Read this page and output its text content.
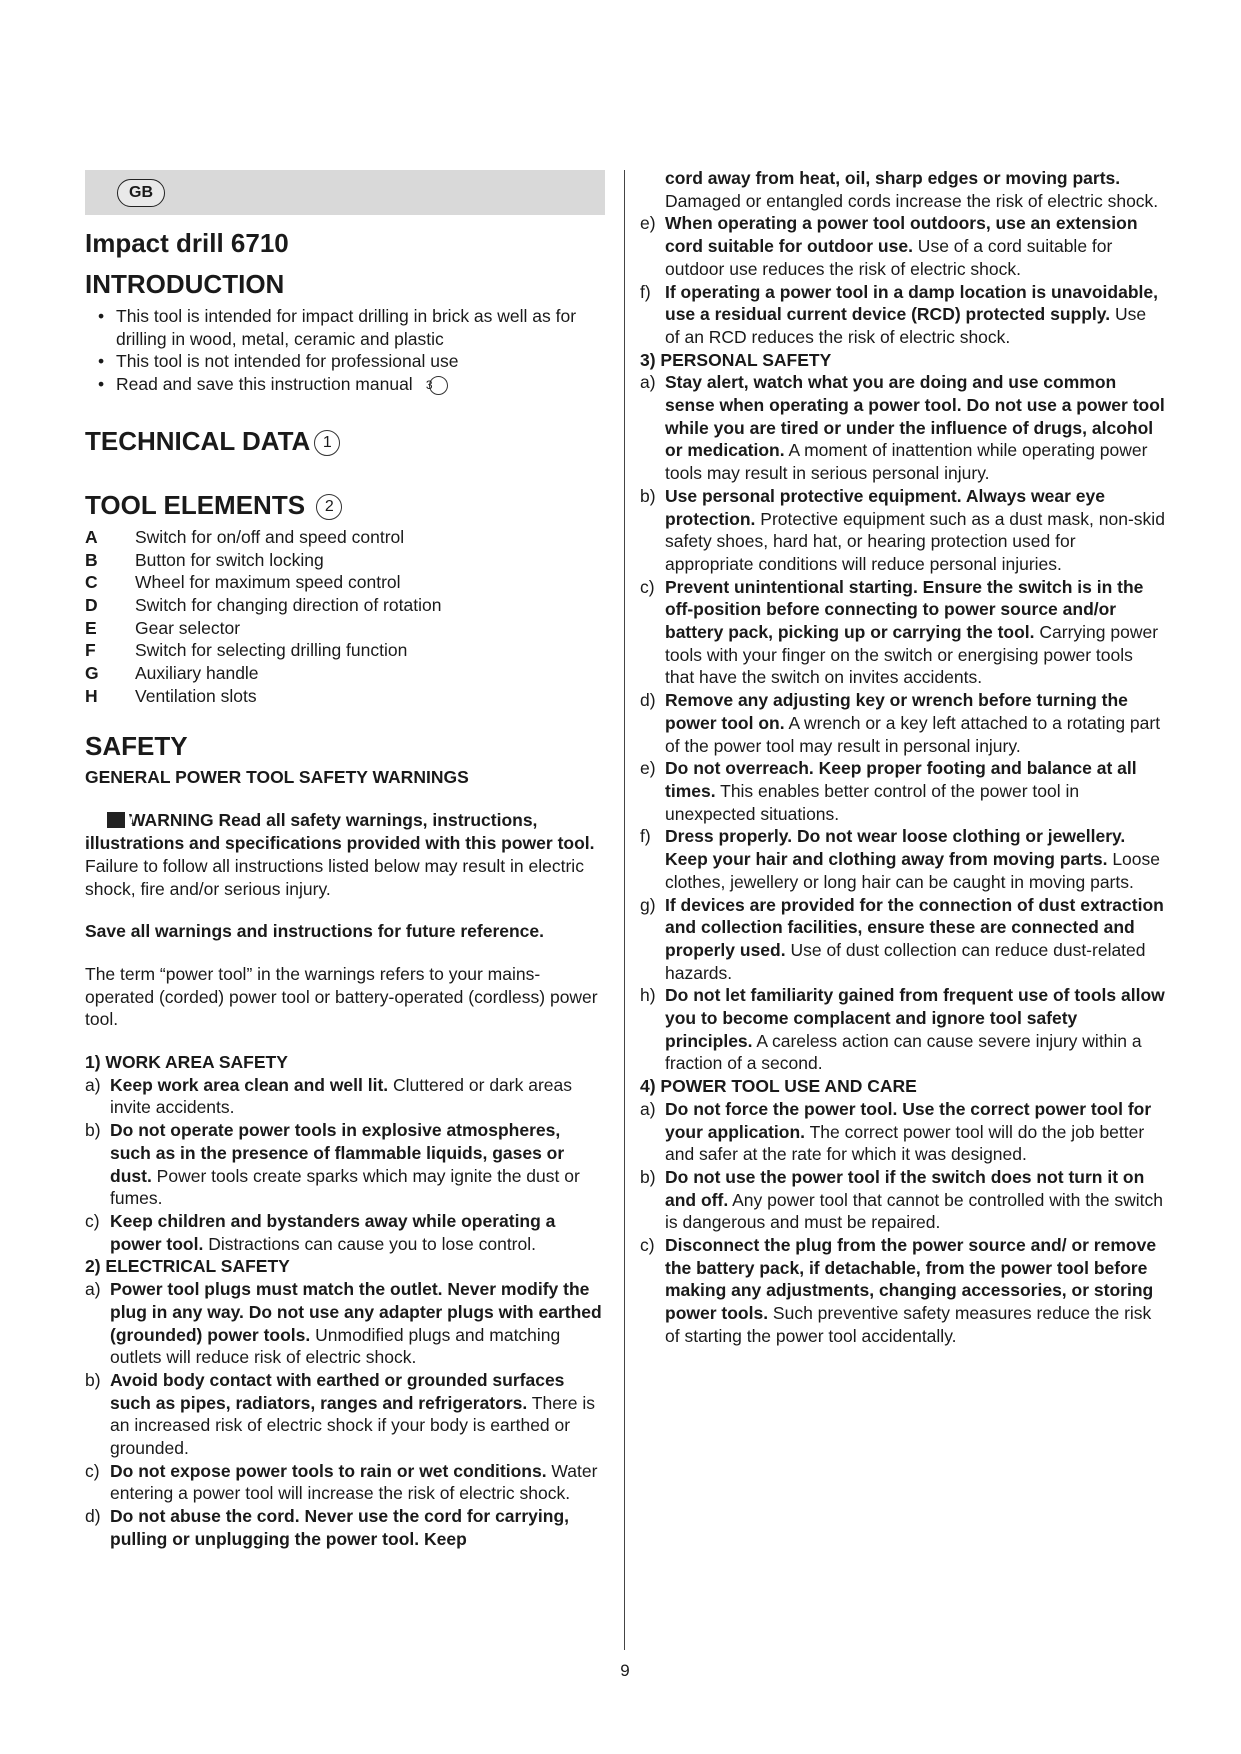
GB
Impact drill 6710
INTRODUCTION
• This tool is intended for impact drilling in brick as well as for drilling in wood, metal, ceramic and plastic
• This tool is not intended for professional use
• Read and save this instruction manual 3
TECHNICAL DATA 1
TOOL ELEMENTS 2
A	Switch for on/off and speed control
B	Button for switch locking
C	Wheel for maximum speed control
D	Switch for changing direction of rotation
E	Gear selector
F	Switch for selecting drilling function
G	Auxiliary handle
H	Ventilation slots
SAFETY

GENERAL POWER TOOL SAFETY WARNINGS

!WARNING Read all safety warnings, instructions, illustrations and specifications provided with this power tool. Failure to follow all instructions listed below may result in electric shock, fire and/or serious injury.

Save all warnings and instructions for future reference.

The term “power tool” in the warnings refers to your mains-operated (corded) power tool or battery-operated (cordless) power tool.

1) WORK AREA SAFETY
a) Keep work area clean and well lit. Cluttered or dark areas invite accidents.
b) Do not operate power tools in explosive atmospheres, such as in the presence of flammable liquids, gases or dust. Power tools create sparks which may ignite the dust or fumes.
c) Keep children and bystanders away while operating a power tool. Distractions can cause you to lose control.
2) ELECTRICAL SAFETY
a) Power tool plugs must match the outlet. Never modify the plug in any way. Do not use any adapter plugs with earthed (grounded) power tools. Unmodified plugs and matching outlets will reduce risk of electric shock.
b) Avoid body contact with earthed or grounded surfaces such as pipes, radiators, ranges and refrigerators. There is an increased risk of electric shock if your body is earthed or grounded.
c) Do not expose power tools to rain or wet conditions. Water entering a power tool will increase the risk of electric shock.
d) Do not abuse the cord. Never use the cord for carrying, pulling or unplugging the power tool. Keep
cord away from heat, oil, sharp edges or moving parts. Damaged or entangled cords increase the risk of electric shock.
e) When operating a power tool outdoors, use an extension cord suitable for outdoor use. Use of a cord suitable for outdoor use reduces the risk of electric shock.
f) If operating a power tool in a damp location is unavoidable, use a residual current device (RCD) protected supply. Use of an RCD reduces the risk of electric shock.
3) PERSONAL SAFETY
a) Stay alert, watch what you are doing and use common sense when operating a power tool. Do not use a power tool while you are tired or under the influence of drugs, alcohol or medication. A moment of inattention while operating power tools may result in serious personal injury.
b) Use personal protective equipment. Always wear eye protection. Protective equipment such as a dust mask, non-skid safety shoes, hard hat, or hearing protection used for appropriate conditions will reduce personal injuries.
c) Prevent unintentional starting. Ensure the switch is in the off-position before connecting to power source and/or battery pack, picking up or carrying the tool. Carrying power tools with your finger on the switch or energising power tools that have the switch on invites accidents.
d) Remove any adjusting key or wrench before turning the power tool on. A wrench or a key left attached to a rotating part of the power tool may result in personal injury.
e) Do not overreach. Keep proper footing and balance at all times. This enables better control of the power tool in unexpected situations.
f) Dress properly. Do not wear loose clothing or jewellery. Keep your hair and clothing away from moving parts. Loose clothes, jewellery or long hair can be caught in moving parts.
g) If devices are provided for the connection of dust extraction and collection facilities, ensure these are connected and properly used. Use of dust collection can reduce dust-related hazards.
h) Do not let familiarity gained from frequent use of tools allow you to become complacent and ignore tool safety principles. A careless action can cause severe injury within a fraction of a second.
4) POWER TOOL USE AND CARE
a) Do not force the power tool. Use the correct power tool for your application. The correct power tool will do the job better and safer at the rate for which it was designed.
b) Do not use the power tool if the switch does not turn it on and off. Any power tool that cannot be controlled with the switch is dangerous and must be repaired.
c) Disconnect the plug from the power source and/ or remove the battery pack, if detachable, from the power tool before making any adjustments, changing accessories, or storing power tools. Such preventive safety measures reduce the risk of starting the power tool accidentally.
9
